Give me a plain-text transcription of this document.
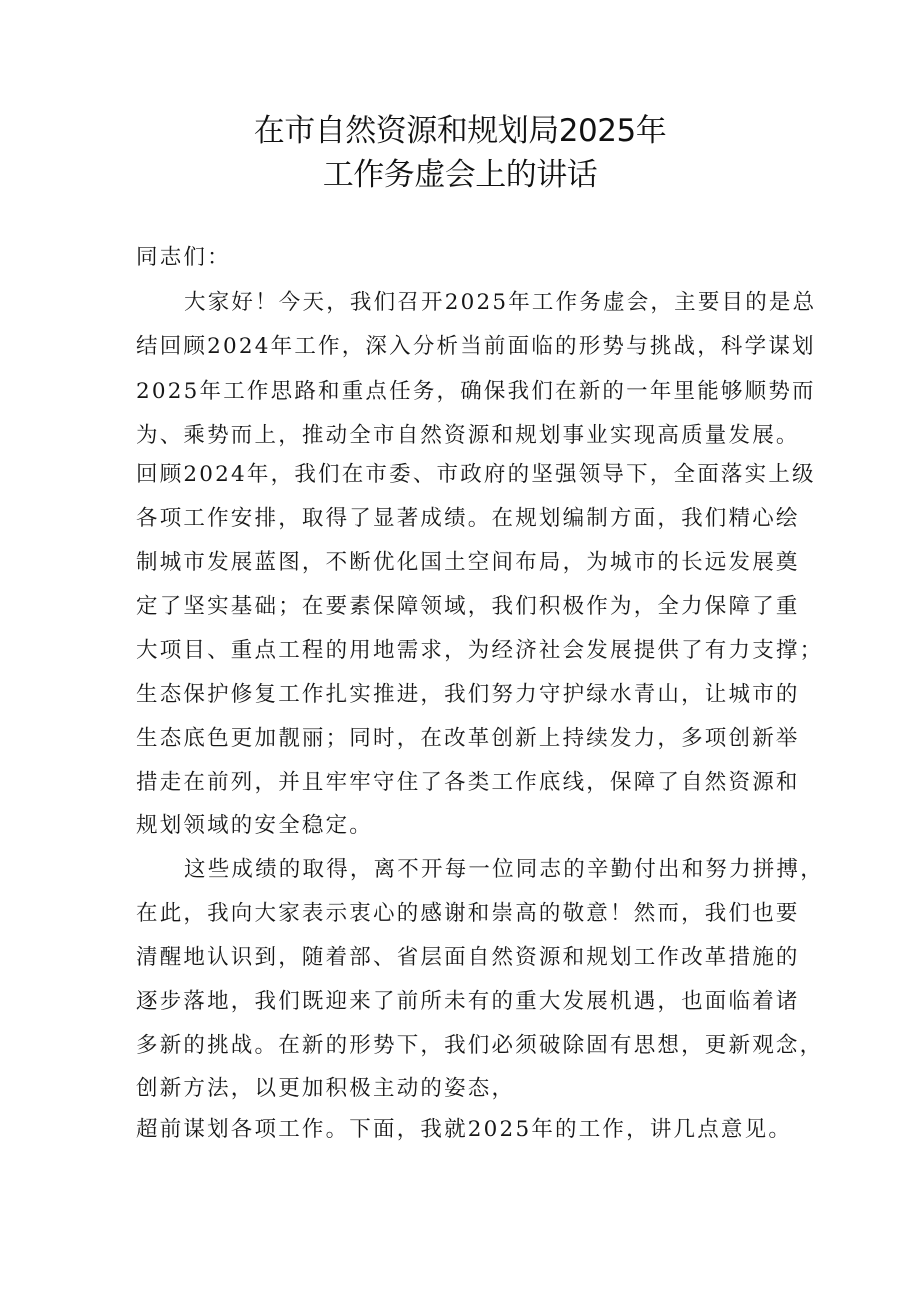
在市自然资源和规划局2025年
工作务虚会上的讲话
同志们：
大家好！今天，我们召开2025年工作务虚会，主要目的是总
结回顾2024年工作，深入分析当前面临的形势与挑战，科学谋划
2025年工作思路和重点任务，确保我们在新的一年里能够顺势而
为、乘势而上，推动全市自然资源和规划事业实现高质量发展。
回顾2024年，我们在市委、市政府的坚强领导下，全面落实上级
各项工作安排，取得了显著成绩。在规划编制方面，我们精心绘
制城市发展蓝图，不断优化国土空间布局，为城市的长远发展奠
定了坚实基础；在要素保障领域，我们积极作为，全力保障了重
大项目、重点工程的用地需求，为经济社会发展提供了有力支撑；
生态保护修复工作扎实推进，我们努力守护绿水青山，让城市的
生态底色更加靓丽；同时，在改革创新上持续发力，多项创新举
措走在前列，并且牢牢守住了各类工作底线，保障了自然资源和
规划领域的安全稳定。
这些成绩的取得，离不开每一位同志的辛勤付出和努力拼搏，
在此，我向大家表示衷心的感谢和崇高的敬意！然而，我们也要
清醒地认识到，随着部、省层面自然资源和规划工作改革措施的
逐步落地，我们既迎来了前所未有的重大发展机遇，也面临着诸
多新的挑战。在新的形势下，我们必须破除固有思想，更新观念，
创新方法，以更加积极主动的姿态，
超前谋划各项工作。下面，我就2025年的工作，讲几点意见。
